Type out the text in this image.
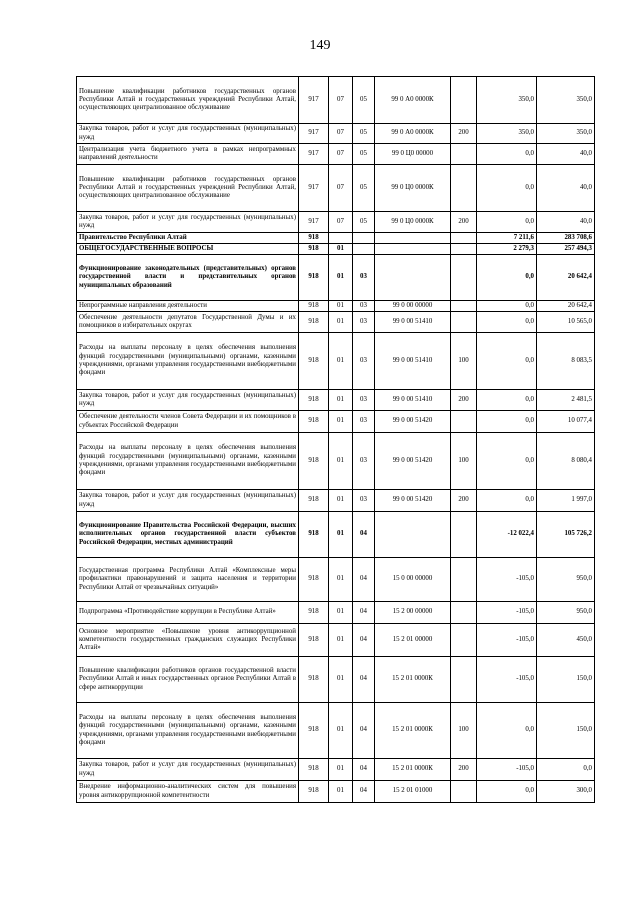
149
Повышение квалификации работников государственных органов Республики Алтай и государственных учреждений Республики Алтай, осуществляющих централизованное обслуживание	917	07	05	99 0 А0 0000К		350,0	350,0
Закупка товаров, работ и услуг для государственных (муниципальных) нужд	917	07	05	99 0 А0 0000К	200	350,0	350,0
Централизация учета бюджетного учета в рамках непрограммных направлений деятельности	917	07	05	99 0 Ц0 00000		0,0	40,0
Повышение квалификации работников государственных органов Республики Алтай и государственных учреждений Республики Алтай, осуществляющих централизованное обслуживание	917	07	05	99 0 Ц0 0000К		0,0	40,0
Закупка товаров, работ и услуг для государственных (муниципальных) нужд	917	07	05	99 0 Ц0 0000К	200	0,0	40,0
Правительство Республики Алтай	918					7 211,6	283 708,6
ОБЩЕГОСУДАРСТВЕННЫЕ ВОПРОСЫ	918	01				2 279,3	257 494,3
Функционирование законодательных (представительных) органов государственной власти и представительных органов муниципальных образований	918	01	03			0,0	20 642,4
Непрограммные направления деятельности	918	01	03	99 0 00 00000		0,0	20 642,4
Обеспечение деятельности депутатов Государственной Думы и их помощников в избирательных округах	918	01	03	99 0 00 51410		0,0	10 565,0
Расходы на выплаты персоналу в целях обеспечения выполнения функций государственными (муниципальными) органами, казенными учреждениями, органами управления государственными внебюджетными фондами	918	01	03	99 0 00 51410	100	0,0	8 083,5
Закупка товаров, работ и услуг для государственных (муниципальных) нужд	918	01	03	99 0 00 51410	200	0,0	2 481,5
Обеспечение деятельности членов Совета Федерации и их помощников в субъектах Российской Федерации	918	01	03	99 0 00 51420		0,0	10 077,4
Расходы на выплаты персоналу в целях обеспечения выполнения функций государственными (муниципальными) органами, казенными учреждениями, органами управления государственными внебюджетными фондами	918	01	03	99 0 00 51420	100	0,0	8 080,4
Закупка товаров, работ и услуг для государственных (муниципальных) нужд	918	01	03	99 0 00 51420	200	0,0	1 997,0
Функционирование Правительства Российской Федерации, высших исполнительных органов государственной власти субъектов Российской Федерации, местных администраций	918	01	04			-12 022,4	105 726,2
Государственная программа Республики Алтай «Комплексные меры профилактики правонарушений и защита населения и территории Республики Алтай от чрезвычайных ситуаций»	918	01	04	15 0 00 00000		-105,0	950,0
Подпрограмма «Противодействие коррупции в Республике Алтай»	918	01	04	15 2 00 00000		-105,0	950,0
Основное мероприятие «Повышение уровня антикоррупционной компетентности государственных гражданских служащих Республики Алтай»	918	01	04	15 2 01 00000		-105,0	450,0
Повышение квалификации работников органов государственной власти Республики Алтай и иных государственных органов Республики Алтай в сфере антикоррупции	918	01	04	15 2 01 0000К		-105,0	150,0
Расходы на выплаты персоналу в целях обеспечения выполнения функций государственными (муниципальными) органами, казенными учреждениями, органами управления государственными внебюджетными фондами	918	01	04	15 2 01 0000К	100	0,0	150,0
Закупка товаров, работ и услуг для государственных (муниципальных) нужд	918	01	04	15 2 01 0000К	200	-105,0	0,0
Внедрение информационно-аналитических систем для повышения уровня антикоррупционной компетентности	918	01	04	15 2 01 01000		0,0	300,0
